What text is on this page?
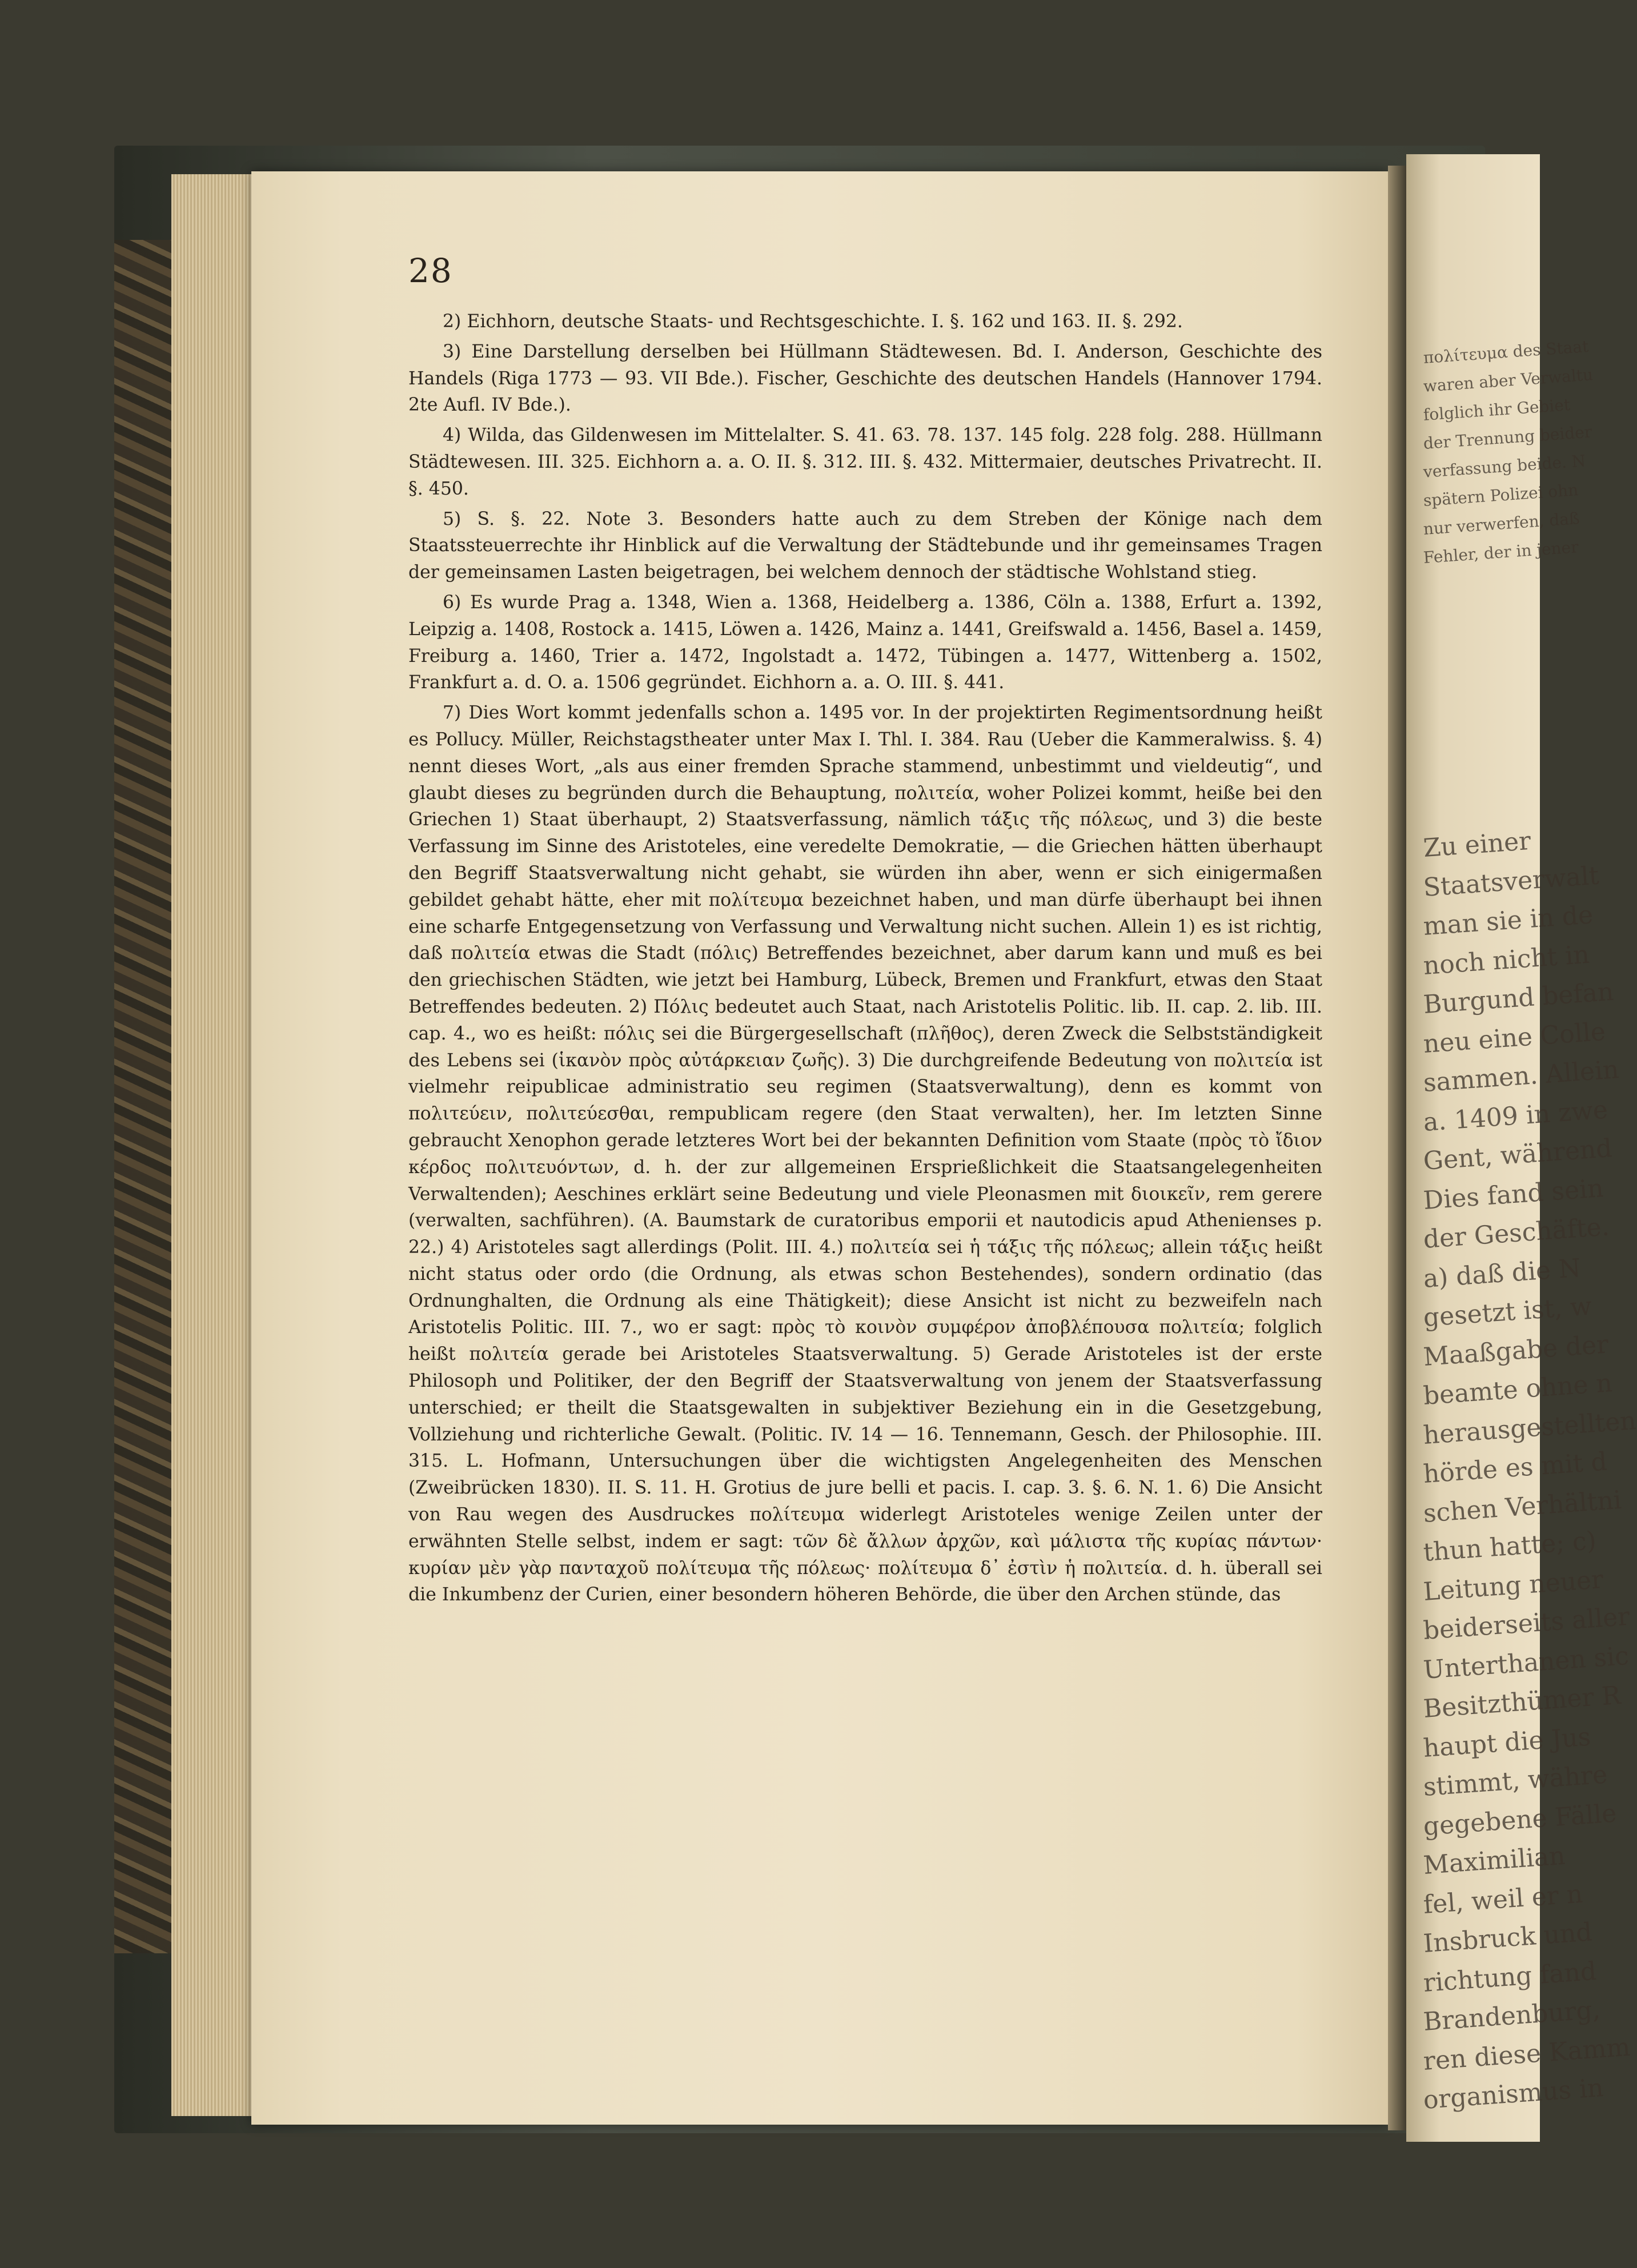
πολίτευμα des Staat
waren aber Verwaltu
folglich ihr Gebiet
der Trennung beider
verfassung beide. N
spätern Polizei ohn
nur verwerfen, daß
Fehler, der in jener
Zu einer
Staatsverwalt
man sie in de
noch nicht in
Burgund befan
neu eine Colle
sammen. Allein
a. 1409 in zwe
Gent, während
Dies fand sein
der Geschäfte.
a) daß die N
gesetzt ist, w
Maaßgabe der
beamte ohne n
herausgestellten
hörde es mit d
schen Verhältni
thun hatte; c)
Leitung neuer
beiderseits aller
Unterthanen sic
Besitzthümer R
haupt die Jus
stimmt, währe
gegebene Fälle
Maximilian
fel, weil er n
Insbruck und
richtung fand
Brandenburg,
ren diese Kamm
organismus in
28

2) Eichhorn, deutsche Staats- und Rechtsgeschichte. I. §. 162 und 163. II. §. 292.

3) Eine Darstellung derselben bei Hüllmann Städtewesen. Bd. I. Anderson, Geschichte des Handels (Riga 1773 — 93. VII Bde.). Fischer, Geschichte des deutschen Handels (Hannover 1794. 2te Aufl. IV Bde.).

4) Wilda, das Gildenwesen im Mittelalter. S. 41. 63. 78. 137. 145 folg. 228 folg. 288. Hüllmann Städtewesen. III. 325. Eichhorn a. a. O. II. §. 312. III. §. 432. Mittermaier, deutsches Privatrecht. II. §. 450.

5) S. §. 22. Note 3. Besonders hatte auch zu dem Streben der Könige nach dem Staatssteuerrechte ihr Hinblick auf die Verwaltung der Städtebunde und ihr gemeinsames Tragen der gemeinsamen Lasten beigetragen, bei welchem dennoch der städtische Wohlstand stieg.

6) Es wurde Prag a. 1348, Wien a. 1368, Heidelberg a. 1386, Cöln a. 1388, Erfurt a. 1392, Leipzig a. 1408, Rostock a. 1415, Löwen a. 1426, Mainz a. 1441, Greifswald a. 1456, Basel a. 1459, Freiburg a. 1460, Trier a. 1472, Ingolstadt a. 1472, Tübingen a. 1477, Wittenberg a. 1502, Frankfurt a. d. O. a. 1506 gegründet. Eichhorn a. a. O. III. §. 441.

7) Dies Wort kommt jedenfalls schon a. 1495 vor. In der projektirten Regimentsordnung heißt es Pollucy. Müller, Reichstagstheater unter Max I. Thl. I. 384. Rau (Ueber die Kammeralwiss. §. 4) nennt dieses Wort, „als aus einer fremden Sprache stammend, unbestimmt und vieldeutig“, und glaubt dieses zu begründen durch die Behauptung, πολιτεία, woher Polizei kommt, heiße bei den Griechen 1) Staat überhaupt, 2) Staatsverfassung, nämlich τάξις τῆς πόλεως, und 3) die beste Verfassung im Sinne des Aristoteles, eine veredelte Demokratie, — die Griechen hätten überhaupt den Begriff Staatsverwaltung nicht gehabt, sie würden ihn aber, wenn er sich einigermaßen gebildet gehabt hätte, eher mit πολίτευμα bezeichnet haben, und man dürfe überhaupt bei ihnen eine scharfe Entgegensetzung von Verfassung und Verwaltung nicht suchen. Allein 1) es ist richtig, daß πολιτεία etwas die Stadt (πόλις) Betreffendes bezeichnet, aber darum kann und muß es bei den griechischen Städten, wie jetzt bei Hamburg, Lübeck, Bremen und Frankfurt, etwas den Staat Betreffendes bedeuten. 2) Πόλις bedeutet auch Staat, nach Aristotelis Politic. lib. II. cap. 2. lib. III. cap. 4., wo es heißt: πόλις sei die Bürgergesellschaft (πλῆθος), deren Zweck die Selbstständigkeit des Lebens sei (ἱκανὸν πρὸς αὐτάρκειαν ζωῆς). 3) Die durchgreifende Bedeutung von πολιτεία ist vielmehr reipublicae administratio seu regimen (Staatsverwaltung), denn es kommt von πολιτεύειν, πολιτεύεσθαι, rempublicam regere (den Staat verwalten), her. Im letzten Sinne gebraucht Xenophon gerade letzteres Wort bei der bekannten Definition vom Staate (πρὸς τὸ ἴδιον κέρδος πολιτευόντων, d. h. der zur allgemeinen Ersprießlichkeit die Staatsangelegenheiten Verwaltenden); Aeschines erklärt seine Bedeutung und viele Pleonasmen mit διοικεῖν, rem gerere (verwalten, sachführen). (A. Baumstark de curatoribus emporii et nautodicis apud Athenienses p. 22.) 4) Aristoteles sagt allerdings (Polit. III. 4.) πολιτεία sei ἡ τάξις τῆς πόλεως; allein τάξις heißt nicht status oder ordo (die Ordnung, als etwas schon Bestehendes), sondern ordinatio (das Ordnunghalten, die Ordnung als eine Thätigkeit); diese Ansicht ist nicht zu bezweifeln nach Aristotelis Politic. III. 7., wo er sagt: πρὸς τὸ κοινὸν συμφέρον ἀποβλέπουσα πολιτεία; folglich heißt πολιτεία gerade bei Aristoteles Staatsverwaltung. 5) Gerade Aristoteles ist der erste Philosoph und Politiker, der den Begriff der Staatsverwaltung von jenem der Staatsverfassung unterschied; er theilt die Staatsgewalten in subjektiver Beziehung ein in die Gesetzgebung, Vollziehung und richterliche Gewalt. (Politic. IV. 14 — 16. Tennemann, Gesch. der Philosophie. III. 315. L. Hofmann, Untersuchungen über die wichtigsten Angelegenheiten des Menschen (Zweibrücken 1830). II. S. 11. H. Grotius de jure belli et pacis. I. cap. 3. §. 6. N. 1. 6) Die Ansicht von Rau wegen des Ausdruckes πολίτευμα widerlegt Aristoteles wenige Zeilen unter der erwähnten Stelle selbst, indem er sagt: τῶν δὲ ἄλλων ἀρχῶν, καὶ μάλιστα τῆς κυρίας πάντων· κυρίαν μὲν γὰρ πανταχοῦ πολίτευμα τῆς πόλεως· πολίτευμα δ᾽ ἐστὶν ἡ πολιτεία. d. h. überall sei die Inkumbenz der Curien, einer besondern höheren Behörde, die über den Archen stünde, das
